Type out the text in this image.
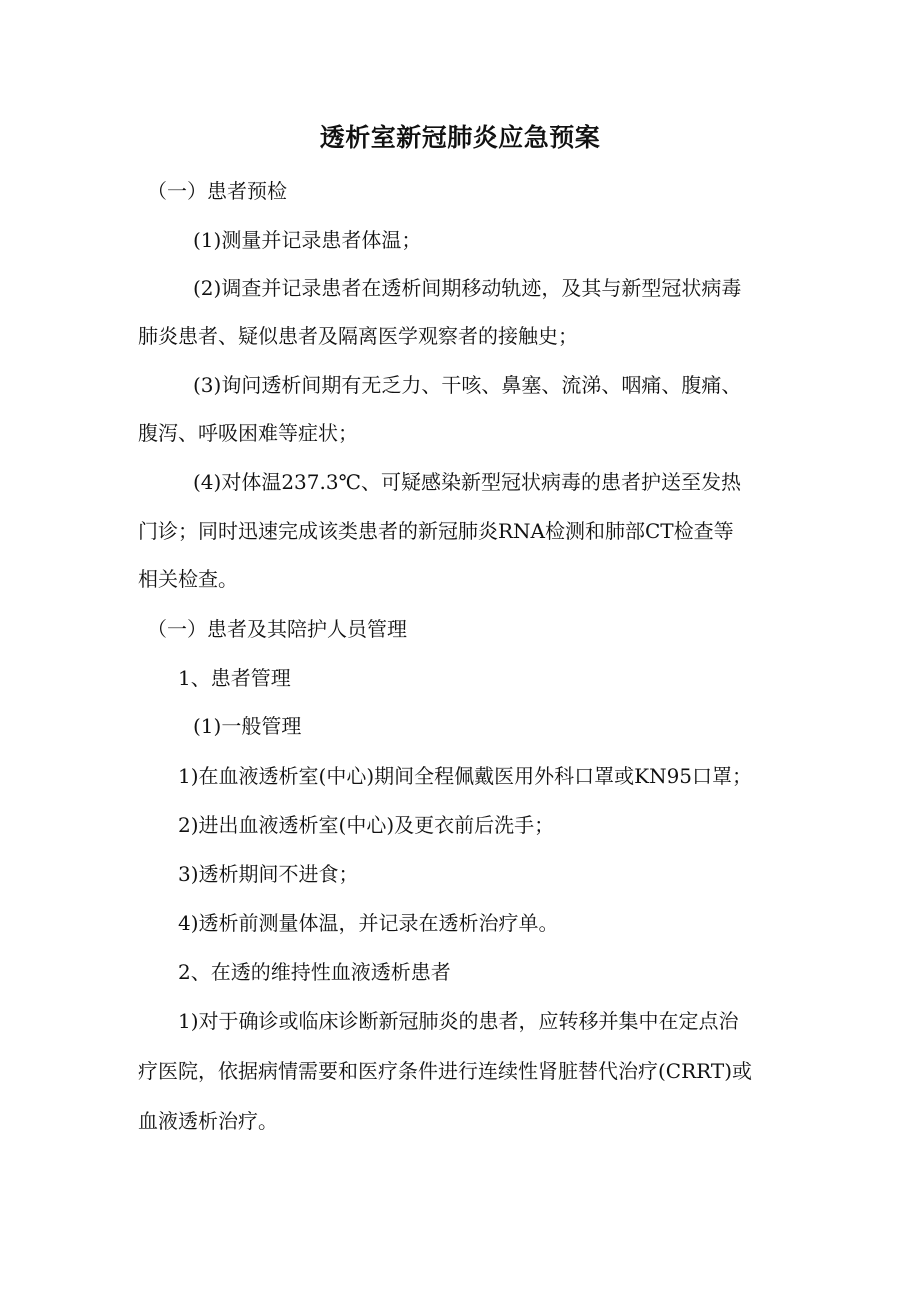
透析室新冠肺炎应急预案

（一）患者预检

(1)测量并记录患者体温；

(2)调查并记录患者在透析间期移动轨迹，及其与新型冠状病毒

肺炎患者、疑似患者及隔离医学观察者的接触史；

(3)询问透析间期有无乏力、干咳、鼻塞、流涕、咽痛、腹痛、

腹泻、呼吸困难等症状；

(4)对体温237.3℃、可疑感染新型冠状病毒的患者护送至发热

门诊；同时迅速完成该类患者的新冠肺炎RNA检测和肺部CT检查等

相关检查。

（一）患者及其陪护人员管理

1、患者管理

(1)一般管理

1)在血液透析室(中心)期间全程佩戴医用外科口罩或KN95口罩；

2)进出血液透析室(中心)及更衣前后洗手；

3)透析期间不进食；

4)透析前测量体温，并记录在透析治疗单。

2、在透的维持性血液透析患者

1)对于确诊或临床诊断新冠肺炎的患者，应转移并集中在定点治

疗医院，依据病情需要和医疗条件进行连续性肾脏替代治疗(CRRT)或

血液透析治疗。
